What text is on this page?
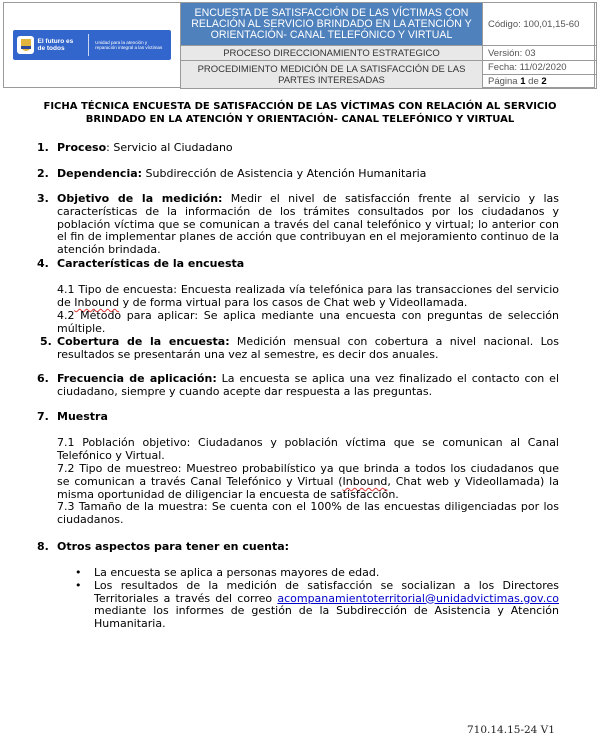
El futuro es de todos
Unidad para la atención y reparación integral a las víctimas
ENCUESTA DE SATISFACCIÓN DE LAS VÍCTIMAS CON RELACIÓN AL SERVICIO BRINDADO EN LA ATENCIÓN Y ORIENTACIÓN- CANAL TELEFÓNICO Y VIRTUAL
Código: 100,01,15-60
PROCESO DIRECCIONAMIENTO ESTRATEGICO	Versión: 03
PROCEDIMIENTO MEDICIÓN DE LA SATISFACCIÓN DE LAS PARTES INTERESADAS
Fecha: 11/02/2020
Página 1 de 2
FICHA TÉCNICA ENCUESTA DE SATISFACCIÓN DE LAS VÍCTIMAS CON RELACIÓN AL SERVICIO BRINDADO EN LA ATENCIÓN Y ORIENTACIÓN- CANAL TELEFÓNICO Y VIRTUAL
1. Proceso: Servicio al Ciudadano
2. Dependencia: Subdirección de Asistencia y Atención Humanitaria
3. Objetivo de la medición: Medir el nivel de satisfacción frente al servicio y las características de la información de los trámites consultados por los ciudadanos y población víctima que se comunican a través del canal telefónico y virtual; lo anterior con el fin de implementar planes de acción que contribuyan en el mejoramiento continuo de la atención brindada.
4. Características de la encuesta
4.1 Tipo de encuesta: Encuesta realizada vía telefónica para las transacciones del servicio de Inbound y de forma virtual para los casos de Chat web y Videollamada.
4.2 Método para aplicar: Se aplica mediante una encuesta con preguntas de selección múltiple.
5. Cobertura de la encuesta: Medición mensual con cobertura a nivel nacional. Los resultados se presentarán una vez al semestre, es decir dos anuales.
6. Frecuencia de aplicación: La encuesta se aplica una vez finalizado el contacto con el ciudadano, siempre y cuando acepte dar respuesta a las preguntas.
7. Muestra
7.1 Población objetivo: Ciudadanos y población víctima que se comunican al Canal Telefónico y Virtual.
7.2 Tipo de muestreo: Muestreo probabilístico ya que brinda a todos los ciudadanos que se comunican a través Canal Telefónico y Virtual (Inbound, Chat web y Videollamada) la misma oportunidad de diligenciar la encuesta de satisfacción.
7.3 Tamaño de la muestra: Se cuenta con el 100% de las encuestas diligenciadas por los ciudadanos.
8. Otros aspectos para tener en cuenta:
• La encuesta se aplica a personas mayores de edad.
• Los resultados de la medición de satisfacción se socializan a los Directores Territoriales a través del correo acompanamientoterritorial@unidadvictimas.gov.co mediante los informes de gestión de la Subdirección de Asistencia y Atención Humanitaria.
710.14.15-24 V1
